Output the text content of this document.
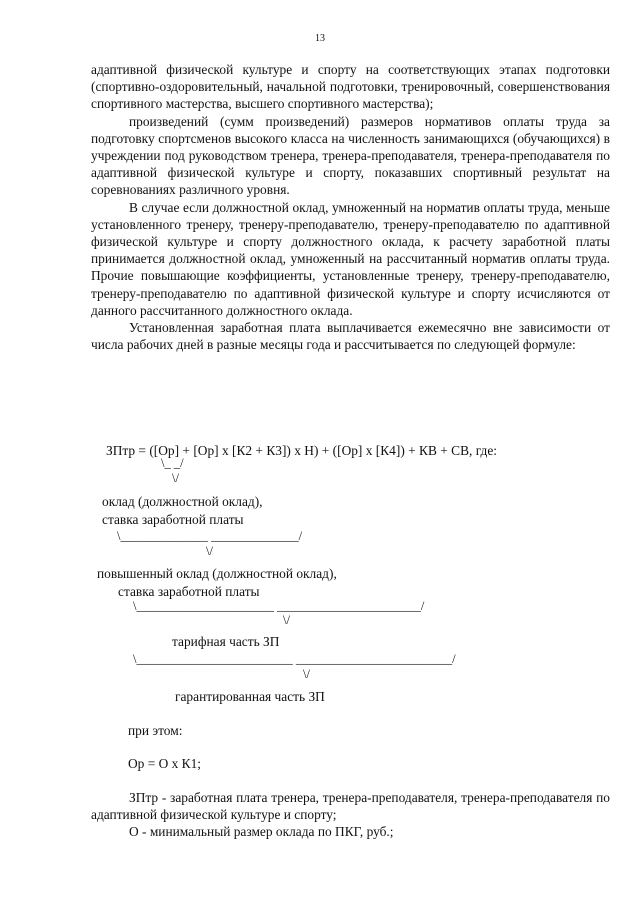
13

адаптивной физической культуре и спорту на соответствующих этапах подготовки (спортивно-оздоровительный, начальной подготовки, тренировочный, совершенствования спортивного мастерства, высшего спортивного мастерства);

произведений (сумм произведений) размеров нормативов оплаты труда за подготовку спортсменов высокого класса на численность занимающихся (обучающихся) в учреждении под руководством тренера, тренера-преподавателя, тренера-преподавателя по адаптивной физической культуре и спорту, показавших спортивный результат на соревнованиях различного уровня.

В случае если должностной оклад, умноженный на норматив оплаты труда, меньше установленного тренеру, тренеру-преподавателю, тренеру-преподавателю по адаптивной физической культуре и спорту должностного оклада, к расчету заработной платы принимается должностной оклад, умноженный на рассчитанный норматив оплаты труда. Прочие повышающие коэффициенты, установленные тренеру, тренеру-преподавателю, тренеру-преподавателю по адаптивной физической культуре и спорту исчисляются от данного рассчитанного должностного оклада.

Установленная заработная плата выплачивается ежемесячно вне зависимости от числа рабочих дней в разные месяцы года и рассчитывается по следующей формуле:

ЗПтр = ([Ор] + [Ор] х [К2 + К3]) х Н) + ([Ор] х [К4]) + КВ + СВ, где:
\_ _/
\/
оклад (должностной оклад),
ставка заработной платы
\______________ ______________/
\/
повышенный оклад (должностной оклад),
ставка заработной платы
\______________________ _______________________/
\/
тарифная часть ЗП
\_________________________ _________________________/
\/
гарантированная часть ЗП
при этом:
Ор = О х К1;

ЗПтр - заработная плата тренера, тренера-преподавателя, тренера-преподавателя по адаптивной физической культуре и спорту;

О - минимальный размер оклада по ПКГ, руб.;
